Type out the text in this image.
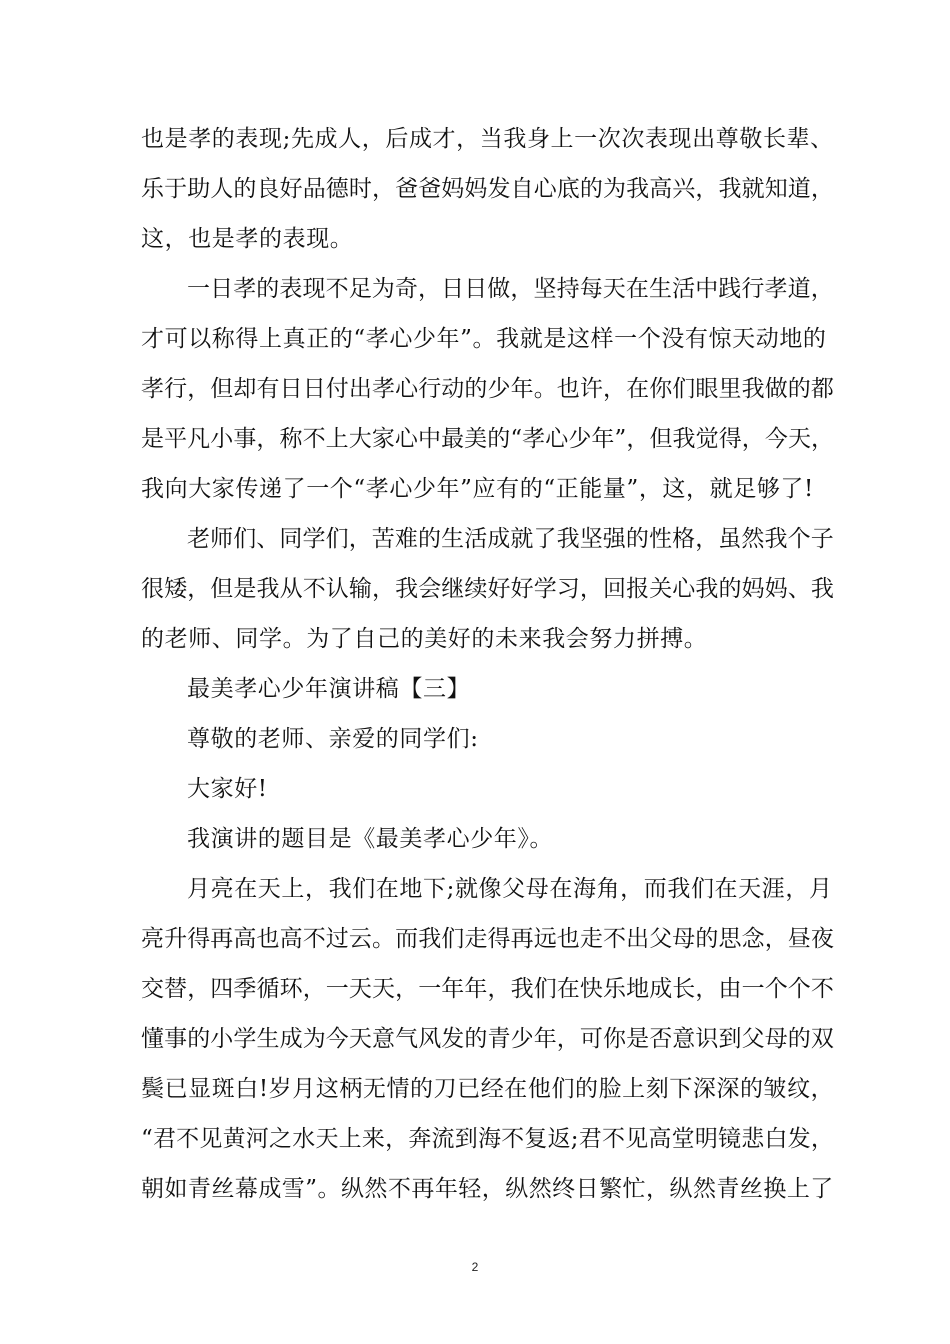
也是孝的表现;先成人，后成才，当我身上一次次表现出尊敬长辈、
乐于助人的良好品德时，爸爸妈妈发自心底的为我高兴，我就知道，
这，也是孝的表现。
一日孝的表现不足为奇，日日做，坚持每天在生活中践行孝道，
才可以称得上真正的“孝心少年”。我就是这样一个没有惊天动地的
孝行，但却有日日付出孝心行动的少年。也许，在你们眼里我做的都
是平凡小事，称不上大家心中最美的“孝心少年”，但我觉得，今天，
我向大家传递了一个“孝心少年”应有的“正能量”，这，就足够了!
老师们、同学们，苦难的生活成就了我坚强的性格，虽然我个子
很矮，但是我从不认输，我会继续好好学习，回报关心我的妈妈、我
的老师、同学。为了自己的美好的未来我会努力拼搏。
最美孝心少年演讲稿【三】
尊敬的老师、亲爱的同学们:
大家好!
我演讲的题目是《最美孝心少年》。
月亮在天上，我们在地下;就像父母在海角，而我们在天涯，月
亮升得再高也高不过云。而我们走得再远也走不出父母的思念，昼夜
交替，四季循环，一天天，一年年，我们在快乐地成长，由一个个不
懂事的小学生成为今天意气风发的青少年，可你是否意识到父母的双
鬓已显斑白!岁月这柄无情的刀已经在他们的脸上刻下深深的皱纹，
“君不见黄河之水天上来，奔流到海不复返;君不见高堂明镜悲白发，
朝如青丝幕成雪”。纵然不再年轻，纵然终日繁忙，纵然青丝换上了
2
